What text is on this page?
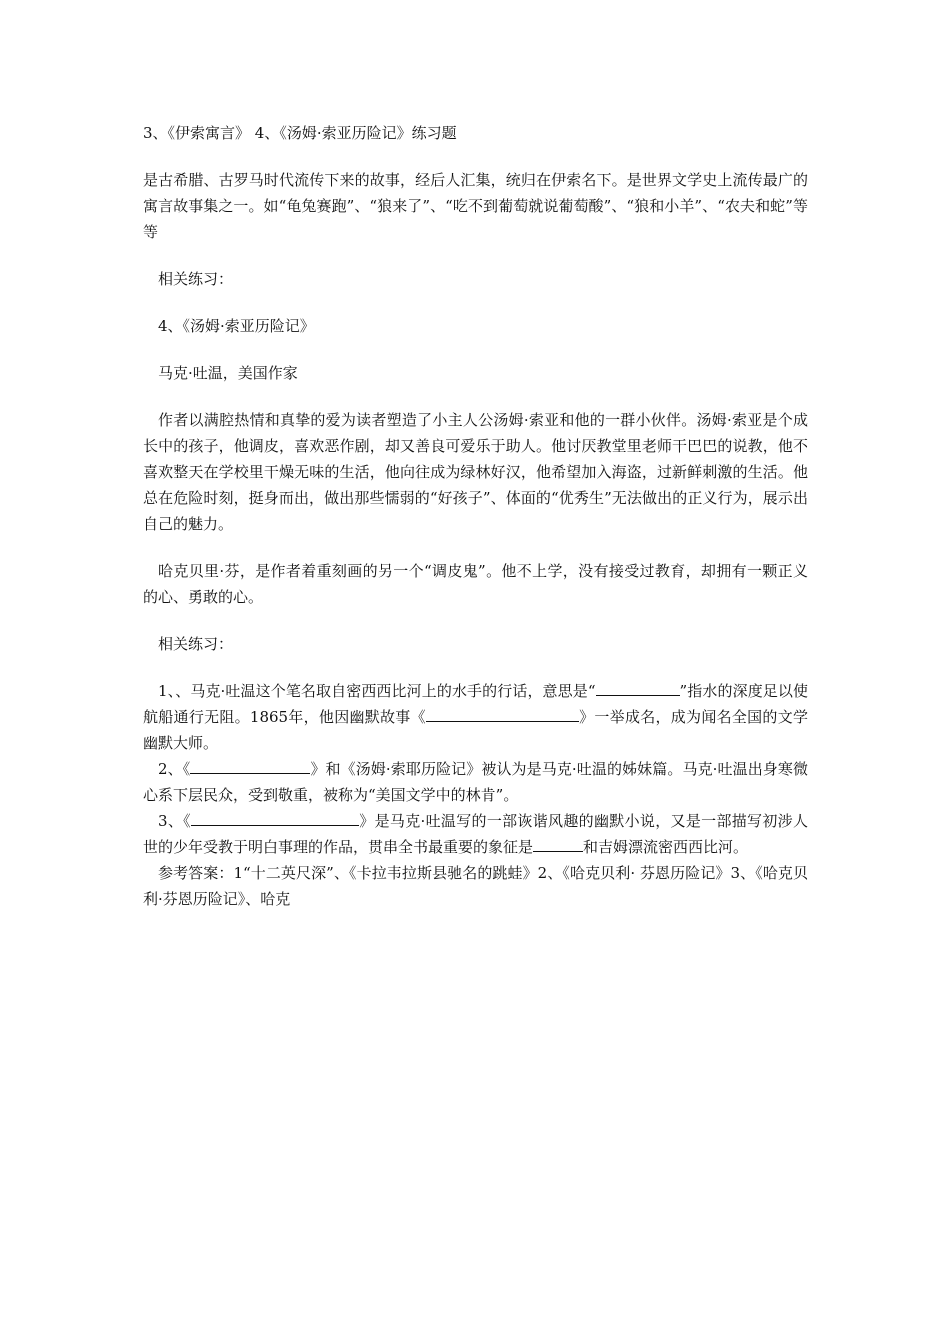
3、《伊索寓言》 4、《汤姆·索亚历险记》练习题

是古希腊、古罗马时代流传下来的故事，经后人汇集，统归在伊索名下。是世界文学史上流传最广的寓言故事集之一。如“龟兔赛跑”、“狼来了”、“吃不到葡萄就说葡萄酸”、“狼和小羊”、“农夫和蛇”等等

相关练习：

4、《汤姆·索亚历险记》

马克·吐温，美国作家

作者以满腔热情和真挚的爱为读者塑造了小主人公汤姆·索亚和他的一群小伙伴。汤姆·索亚是个成长中的孩子，他调皮，喜欢恶作剧，却又善良可爱乐于助人。他讨厌教堂里老师干巴巴的说教，他不喜欢整天在学校里干燥无味的生活，他向往成为绿林好汉，他希望加入海盗，过新鲜刺激的生活。他总在危险时刻，挺身而出，做出那些懦弱的“好孩子”、体面的“优秀生”无法做出的正义行为，展示出自己的魅力。

哈克贝里·芬，是作者着重刻画的另一个“调皮鬼”。他不上学，没有接受过教育，却拥有一颗正义的心、勇敢的心。

相关练习：

1、、马克·吐温这个笔名取自密西西比河上的水手的行话，意思是“	”指水的深度足以使航船通行无阻。1865年，他因幽默故事《	》一举成名，成为闻名全国的文学幽默大师。

2、《	》和《汤姆·索耶历险记》被认为是马克·吐温的姊妹篇。马克·吐温出身寒微心系下层民众，受到敬重，被称为“美国文学中的林肯”。

3、《	》是马克·吐温写的一部诙谐风趣的幽默小说，又是一部描写初涉人世的少年受教于明白事理的作品，贯串全书最重要的象征是	和吉姆漂流密西西比河。

参考答案：1“十二英尺深”、《卡拉韦拉斯县驰名的跳蛙》2、《哈克贝利· 芬恩历险记》3、《哈克贝利·芬恩历险记》、哈克
